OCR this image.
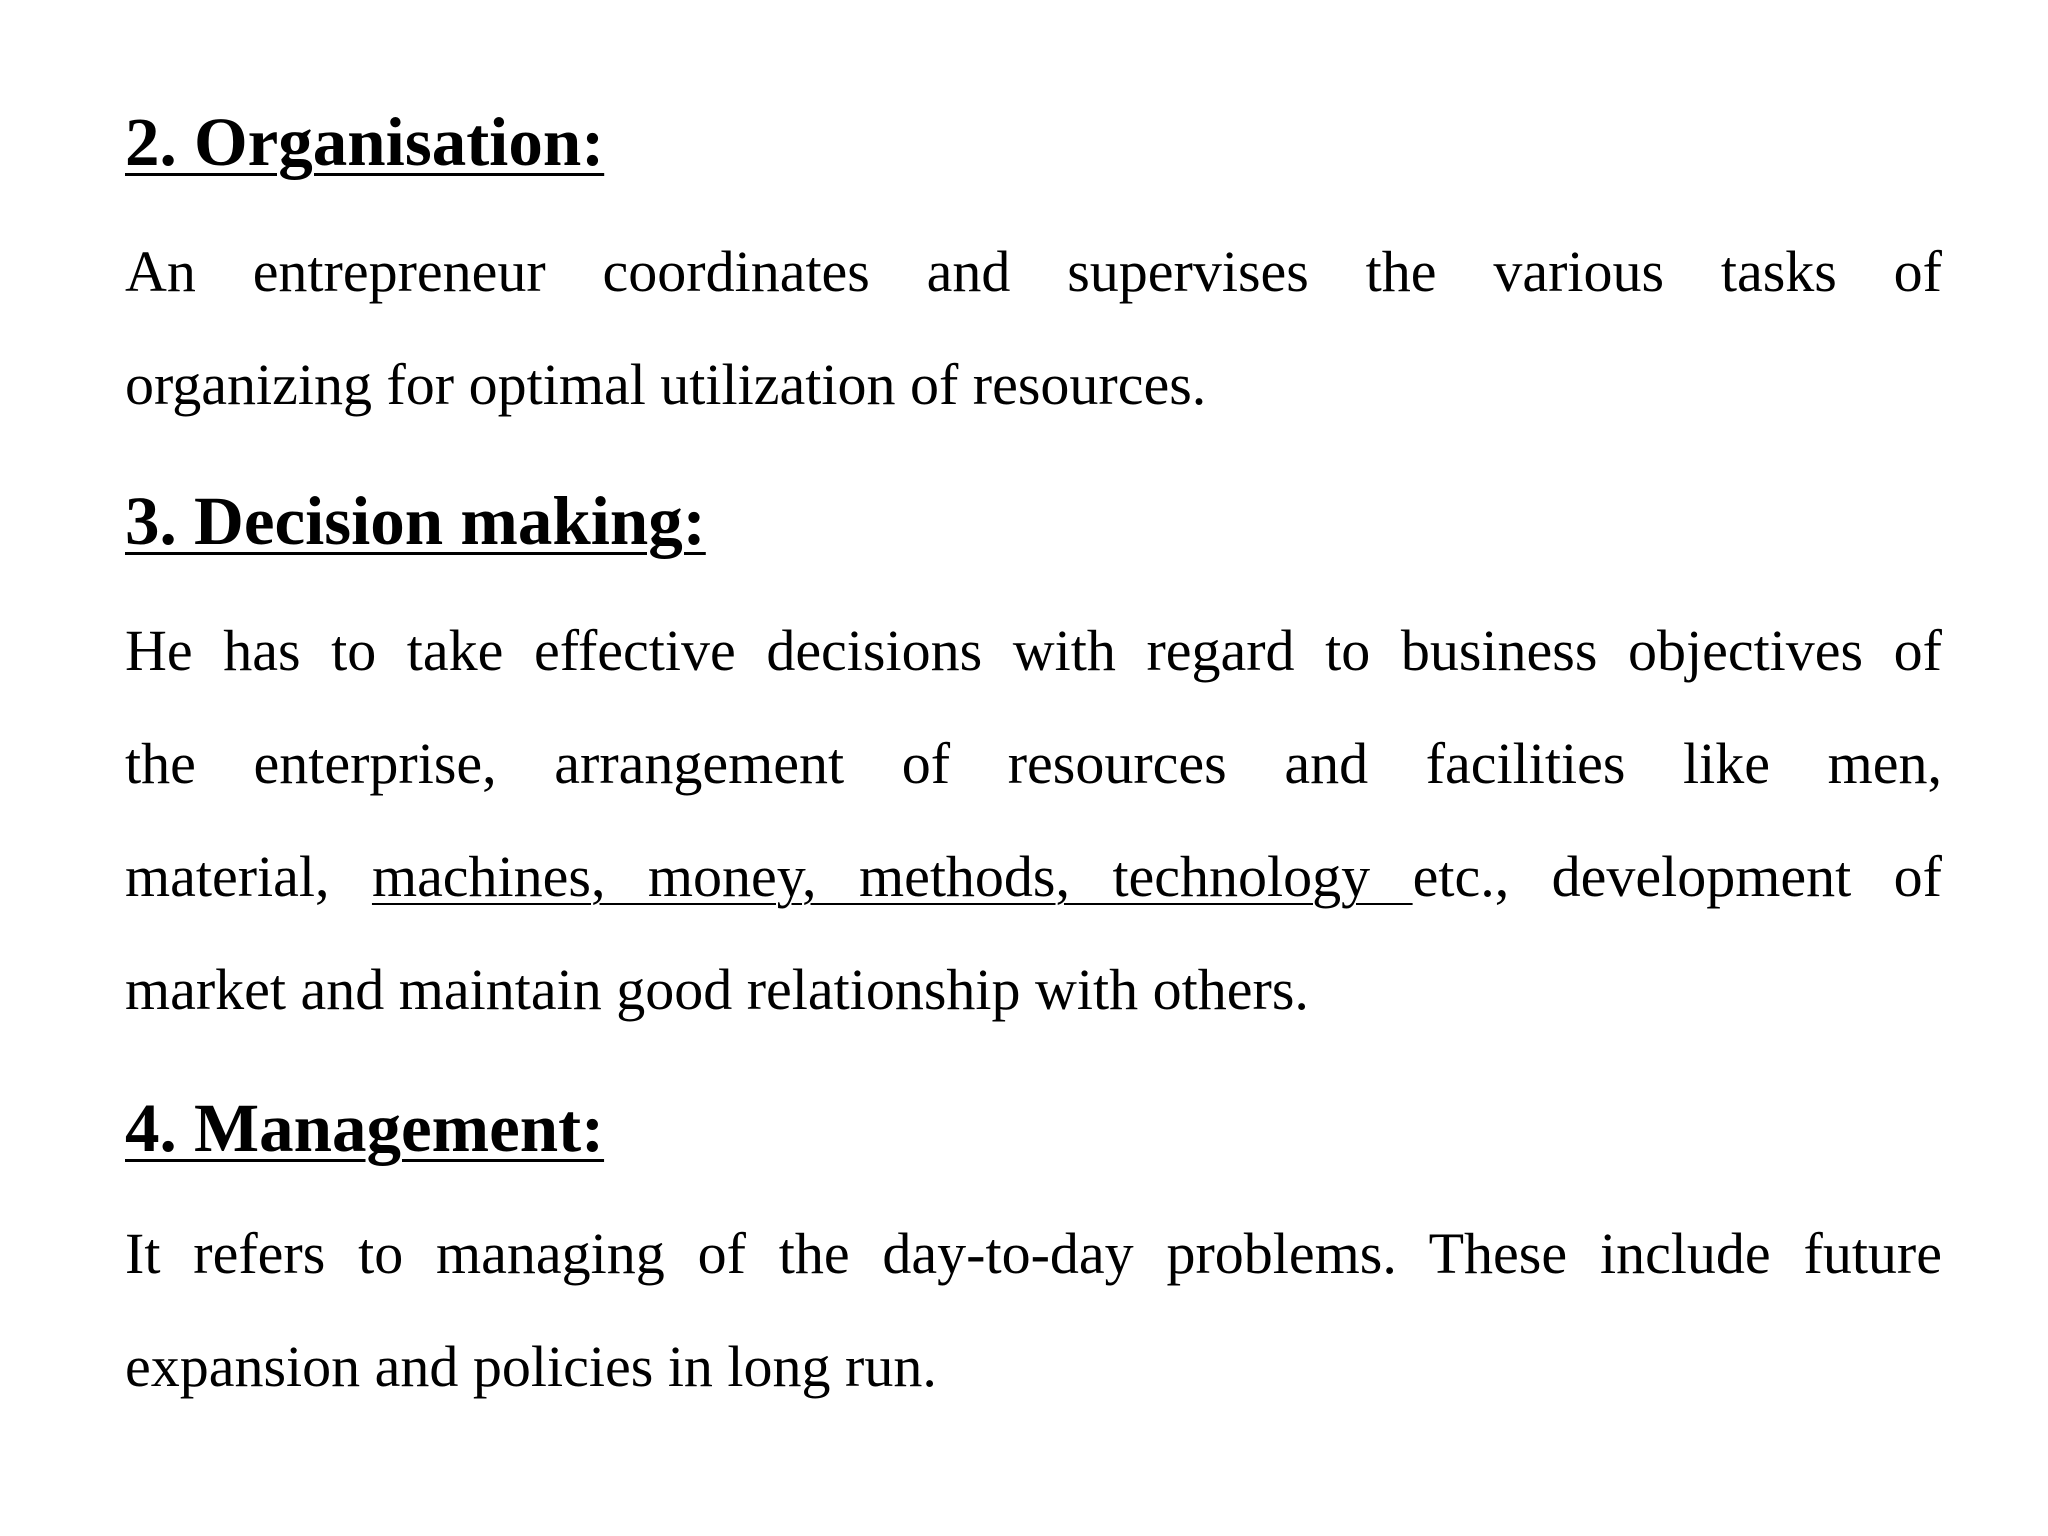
2. Organisation:
An entrepreneur coordinates and supervises the various tasks of
organizing for optimal utilization of resources.
3. Decision making:
He has to take effective decisions with regard to business objectives of
the enterprise, arrangement of resources and facilities like men,
material, machines, money, methods, technology etc., development of
market and maintain good relationship with others.
4. Management:
It refers to managing of the day-to-day problems. These include future
expansion and policies in long run.
